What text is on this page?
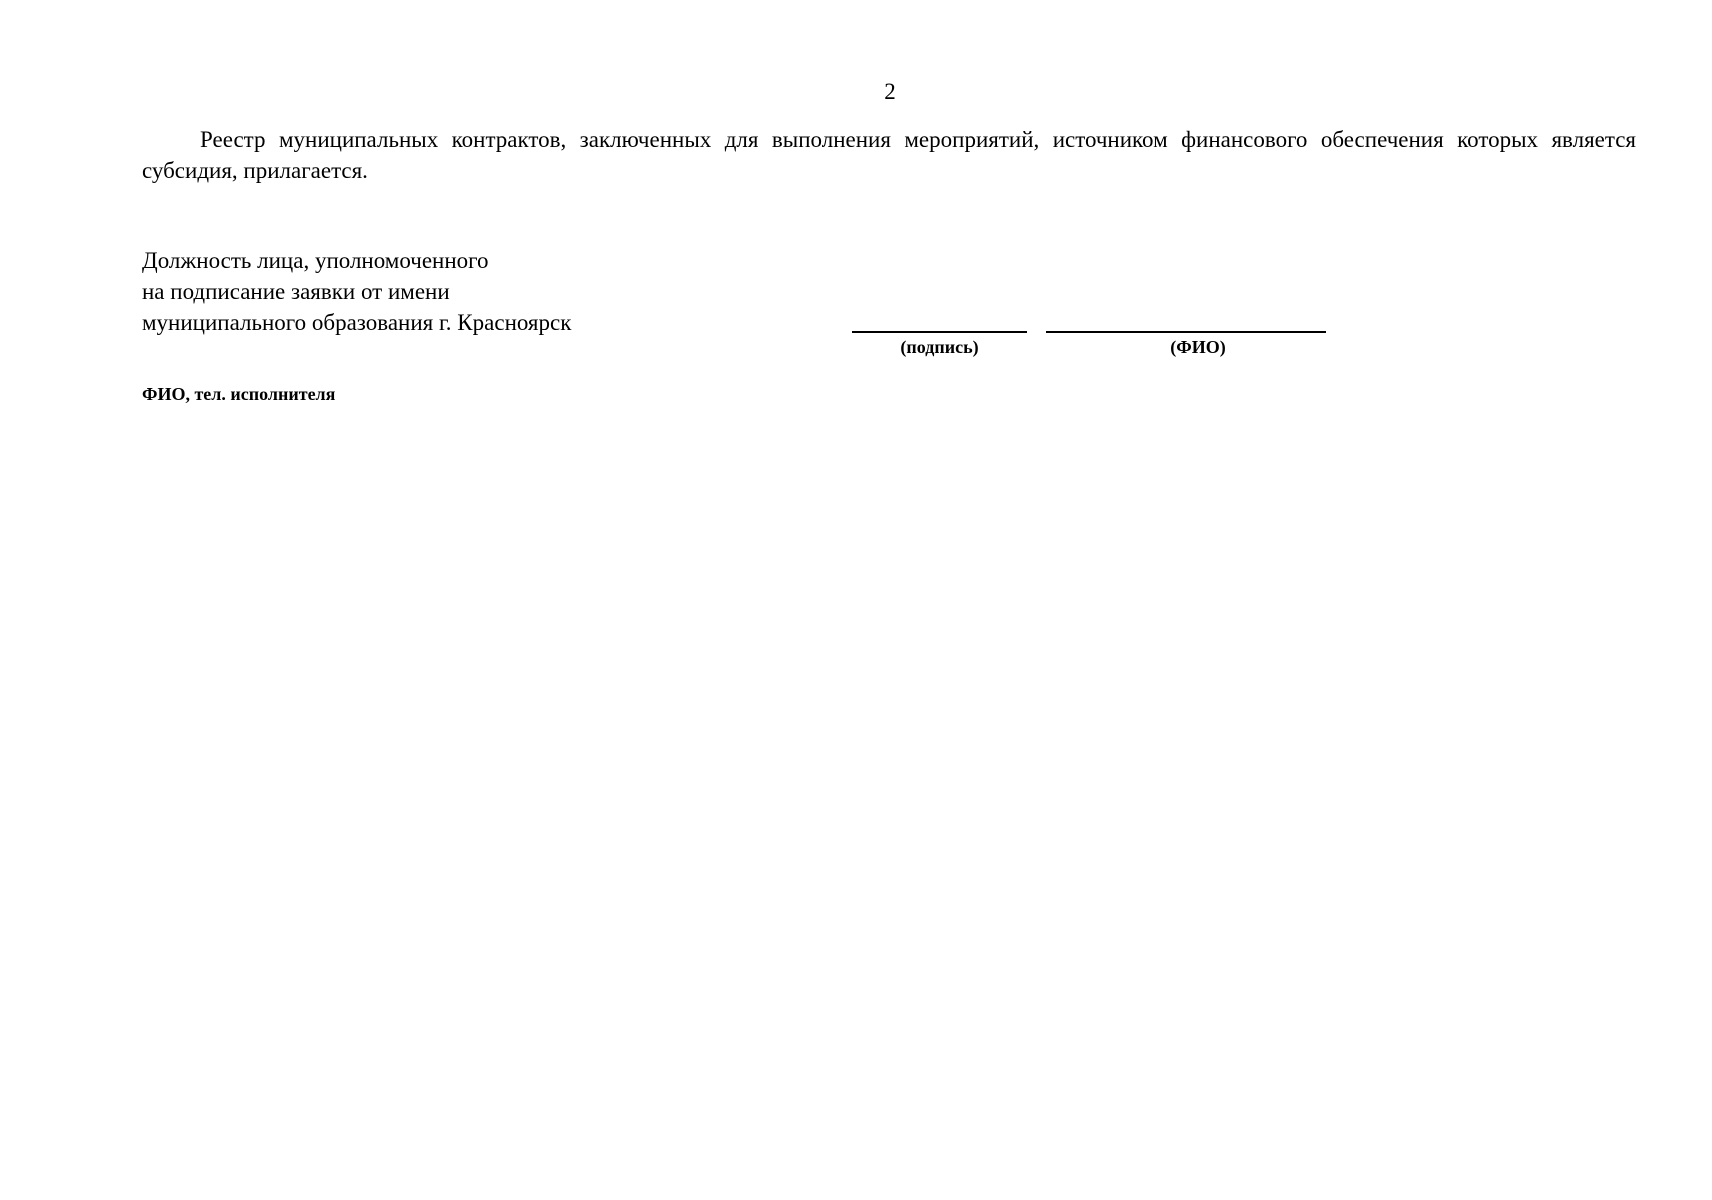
2

Реестр муниципальных контрактов, заключенных для выполнения мероприятий, источником финансового обеспечения которых является субсидия, прилагается.

Должность лица, уполномоченного
на подписание заявки от имени
муниципального образования г. Красноярск
(подпись)	(ФИО)
ФИО, тел. исполнителя
